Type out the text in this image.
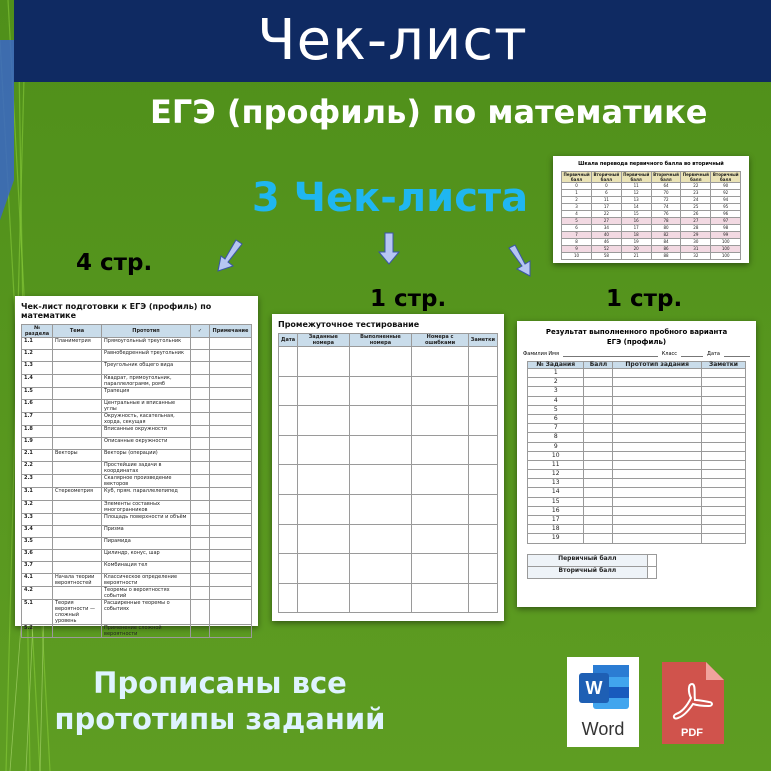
Чек-лист
ЕГЭ (профиль) по математике
3 Чек-листа
4 стр.
1 стр.	1 стр.
Чек-лист подготовки к ЕГЭ (профиль) по математике
№ раздела	Тема	Прототип	✓	Примечание
1.1	Планиметрия	Прямоугольный треугольник		
1.2		Равнобедренный треугольник		
1.3		Треугольник общего вида		
1.4		Квадрат, прямоугольник, параллелограмм, ромб		
1.5		Трапеция		
1.6		Центральные и вписанные углы		
1.7		Окружность, касательная, хорда, секущая		
1.8		Вписанные окружности		
1.9		Описанные окружности		
2.1	Векторы	Векторы (операции)		
2.2		Простейшие задачи в координатах		
2.3		Скалярное произведение векторов		
3.1	Стереометрия	Куб, прям. параллелепипед		
3.2		Элементы составных многогранников		
3.3		Площадь поверхности и объём		
3.4		Призма		
3.5		Пирамида		
3.6		Цилиндр, конус, шар		
3.7		Комбинация тел		
4.1	Начала теории вероятностей	Классическое определение вероятности		
4.2		Теоремы о вероятностях событий		
5.1	Теория вероятности — сложный уровень	Расширенные теоремы о событиях		
5.2		Применение сложной вероятности		
Промежуточное тестирование
Дата	Заданные номера	Выполненные номера	Номера с ошибками	Заметки

Результат выполненного пробного варианта
ЕГЭ (профиль)
Фамилия Имя	Класс	Дата
№ Задания	Балл	Прототип задания	Заметки
1			
2			
3			
4			
5			
6			
7			
8			
9			
10			
11			
12			
13			
14			
15			
16			
17			
18			
19			
Первичный балл	
Вторичный балл	
Шкала перевода первичного балла во вторичный
Первичный балл	Вторичный балл	Первичный балл	Вторичный балл	Первичный балл	Вторичный балл
0	0	11	64	22	90
1	6	12	70	23	92
2	11	13	72	24	94
3	17	14	74	25	95
4	22	15	76	26	96
5	27	16	78	27	97
6	34	17	80	28	98
7	40	18	82	29	99
8	46	19	84	30	100
9	52	20	86	31	100
10	58	21	88	32	100
Прописаны все
прототипы заданий
W
Word	PDF
